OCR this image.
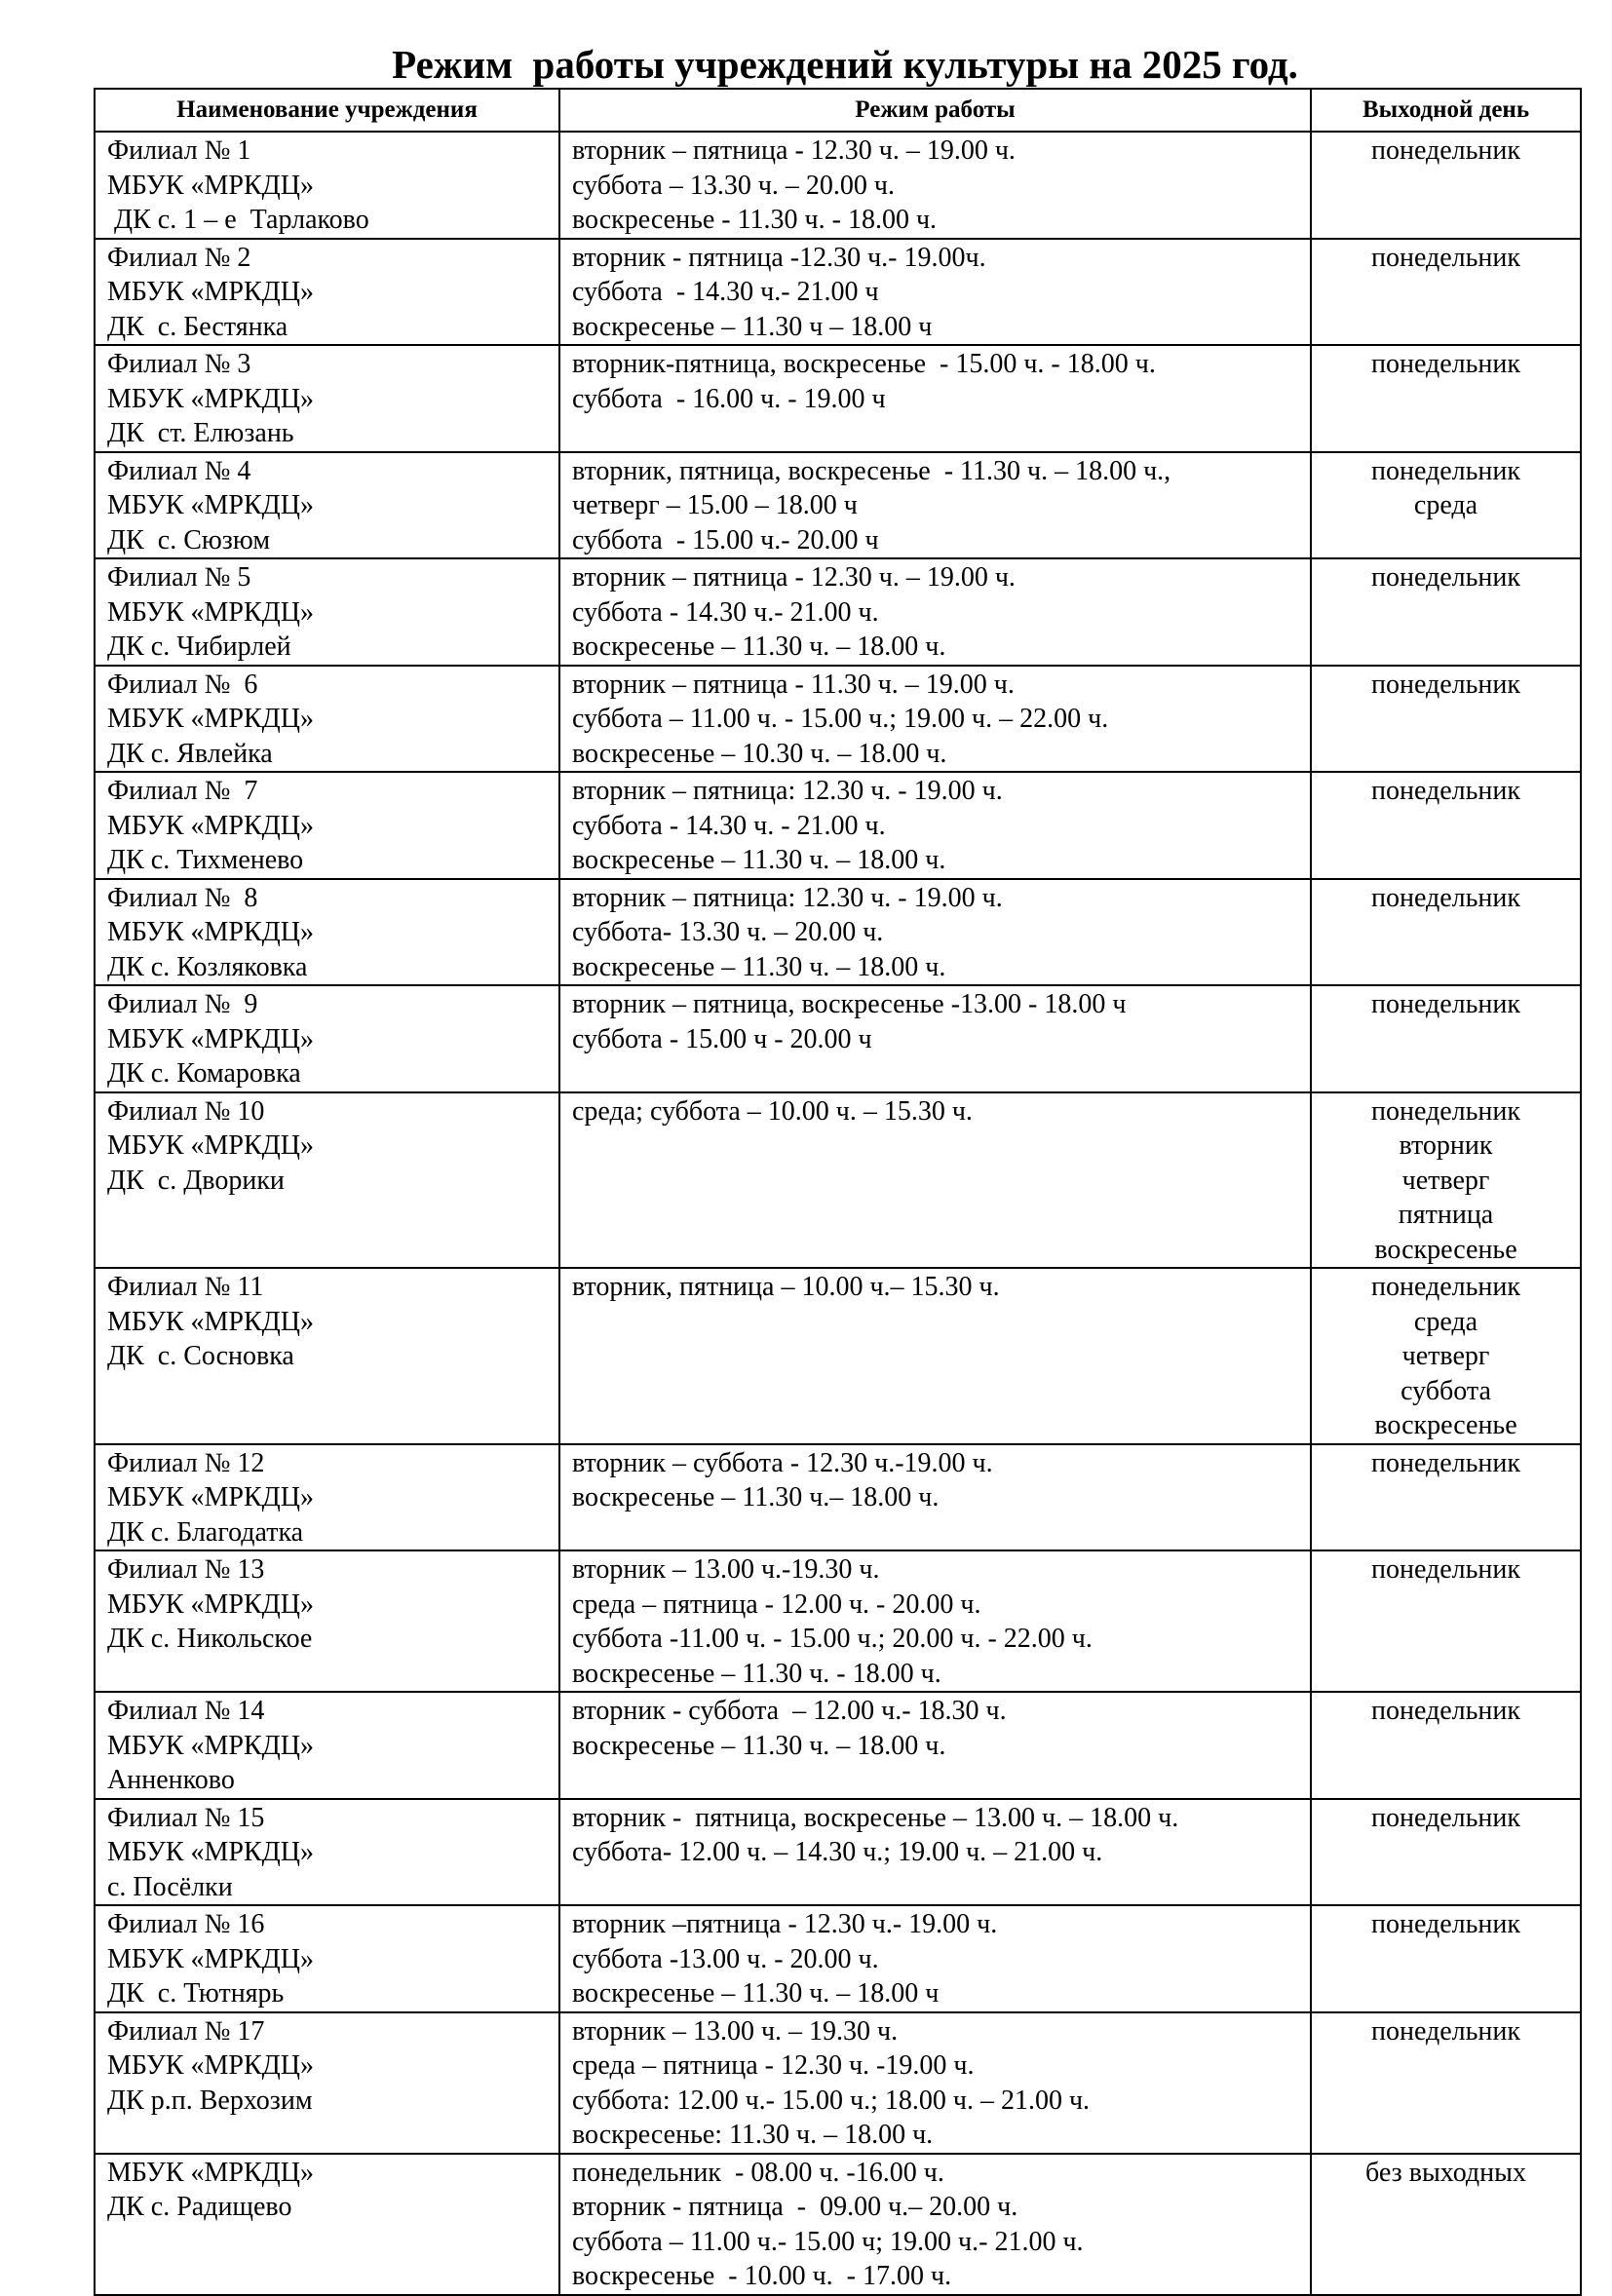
Режим  работы учреждений культуры на 2025 год.
Наименование учреждения	Режим работы	Выходной день

Филиал № 1
МБУК «МРКДЦ»
ДК с. 1 – е  Тарлаково	вторник – пятница - 12.30 ч. – 19.00 ч.
суббота – 13.30 ч. – 20.00 ч.
воскресенье - 11.30 ч. - 18.00 ч.	понедельник

Филиал № 2
МБУК «МРКДЦ»
ДК  с. Бестянка	вторник - пятница -12.30 ч.- 19.00ч.
суббота  - 14.30 ч.- 21.00 ч
воскресенье – 11.30 ч – 18.00 ч	понедельник

Филиал № 3
МБУК «МРКДЦ»
ДК  ст. Елюзань	вторник-пятница, воскресенье  - 15.00 ч. - 18.00 ч.
суббота  - 16.00 ч. - 19.00 ч	понедельник

Филиал № 4
МБУК «МРКДЦ»
ДК  с. Сюзюм	вторник, пятница, воскресенье  - 11.30 ч. – 18.00 ч.,
четверг – 15.00 – 18.00 ч
суббота  - 15.00 ч.- 20.00 ч	понедельник
среда

Филиал № 5
МБУК «МРКДЦ»
ДК с. Чибирлей	вторник – пятница - 12.30 ч. – 19.00 ч.
суббота - 14.30 ч.- 21.00 ч.
воскресенье – 11.30 ч. – 18.00 ч.	понедельник

Филиал №  6
МБУК «МРКДЦ»
ДК с. Явлейка	вторник – пятница - 11.30 ч. – 19.00 ч.
суббота – 11.00 ч. - 15.00 ч.; 19.00 ч. – 22.00 ч.
воскресенье – 10.30 ч. – 18.00 ч.	понедельник

Филиал №  7
МБУК «МРКДЦ»
ДК с. Тихменево	вторник – пятница: 12.30 ч. - 19.00 ч.
суббота - 14.30 ч. - 21.00 ч.
воскресенье – 11.30 ч. – 18.00 ч.	понедельник

Филиал №  8
МБУК «МРКДЦ»
ДК с. Козляковка	вторник – пятница: 12.30 ч. - 19.00 ч.
суббота- 13.30 ч. – 20.00 ч.
воскресенье – 11.30 ч. – 18.00 ч.	понедельник

Филиал №  9
МБУК «МРКДЦ»
ДК с. Комаровка	вторник – пятница, воскресенье -13.00 - 18.00 ч
суббота - 15.00 ч - 20.00 ч	понедельник

Филиал № 10
МБУК «МРКДЦ»
ДК  с. Дворики	среда; суббота – 10.00 ч. – 15.30 ч.	понедельник
вторник
четверг
пятница
воскресенье

Филиал № 11
МБУК «МРКДЦ»
ДК  с. Сосновка	вторник, пятница – 10.00 ч.– 15.30 ч.	понедельник
среда
четверг
суббота
воскресенье

Филиал № 12
МБУК «МРКДЦ»
ДК с. Благодатка	вторник – суббота - 12.30 ч.-19.00 ч.
воскресенье – 11.30 ч.– 18.00 ч.	понедельник

Филиал № 13
МБУК «МРКДЦ»
ДК с. Никольское	вторник – 13.00 ч.-19.30 ч.
среда – пятница - 12.00 ч. - 20.00 ч.
суббота -11.00 ч. - 15.00 ч.; 20.00 ч. - 22.00 ч.
воскресенье – 11.30 ч. - 18.00 ч.	понедельник

Филиал № 14
МБУК «МРКДЦ»
Анненково	вторник - суббота  – 12.00 ч.- 18.30 ч.
воскресенье – 11.30 ч. – 18.00 ч.	понедельник

Филиал № 15
МБУК «МРКДЦ»
с. Посёлки	вторник -  пятница, воскресенье – 13.00 ч. – 18.00 ч.
суббота- 12.00 ч. – 14.30 ч.; 19.00 ч. – 21.00 ч.	понедельник

Филиал № 16
МБУК «МРКДЦ»
ДК  с. Тютнярь	вторник –пятница - 12.30 ч.- 19.00 ч.
суббота -13.00 ч. - 20.00 ч.
воскресенье – 11.30 ч. – 18.00 ч	понедельник

Филиал № 17
МБУК «МРКДЦ»
ДК р.п. Верхозим	вторник – 13.00 ч. – 19.30 ч.
среда – пятница - 12.30 ч. -19.00 ч.
суббота: 12.00 ч.- 15.00 ч.; 18.00 ч. – 21.00 ч.
воскресенье: 11.30 ч. – 18.00 ч.	понедельник

МБУК «МРКДЦ»
ДК с. Радищево	понедельник  - 08.00 ч. -16.00 ч.
вторник - пятница  -  09.00 ч.– 20.00 ч.
суббота – 11.00 ч.- 15.00 ч; 19.00 ч.- 21.00 ч.
воскресенье  - 10.00 ч.  - 17.00 ч.	без выходных
